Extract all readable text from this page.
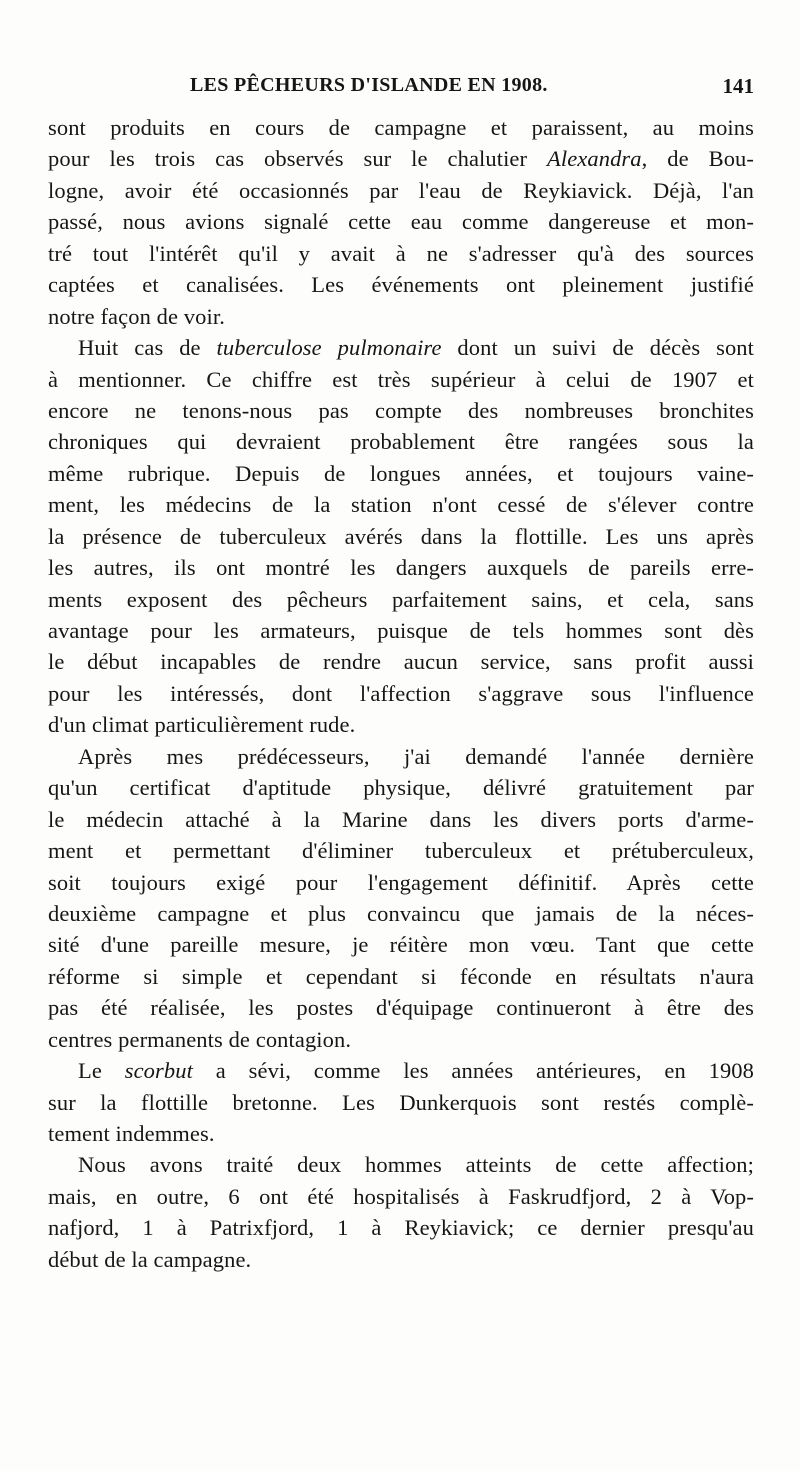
LES PÊCHEURS D'ISLANDE EN 1908.	141
sont produits en cours de campagne et paraissent, au moins
pour les trois cas observés sur le chalutier Alexandra, de Bou-
logne, avoir été occasionnés par l'eau de Reykiavick. Déjà, l'an
passé, nous avions signalé cette eau comme dangereuse et mon-
tré tout l'intérêt qu'il y avait à ne s'adresser qu'à des sources
captées et canalisées. Les événements ont pleinement justifié
notre façon de voir.
Huit cas de tuberculose pulmonaire dont un suivi de décès sont
à mentionner. Ce chiffre est très supérieur à celui de 1907 et
encore ne tenons-nous pas compte des nombreuses bronchites
chroniques qui devraient probablement être rangées sous la
même rubrique. Depuis de longues années, et toujours vaine-
ment, les médecins de la station n'ont cessé de s'élever contre
la présence de tuberculeux avérés dans la flottille. Les uns après
les autres, ils ont montré les dangers auxquels de pareils erre-
ments exposent des pêcheurs parfaitement sains, et cela, sans
avantage pour les armateurs, puisque de tels hommes sont dès
le début incapables de rendre aucun service, sans profit aussi
pour les intéressés, dont l'affection s'aggrave sous l'influence
d'un climat particulièrement rude.
Après mes prédécesseurs, j'ai demandé l'année dernière
qu'un certificat d'aptitude physique, délivré gratuitement par
le médecin attaché à la Marine dans les divers ports d'arme-
ment et permettant d'éliminer tuberculeux et prétuberculeux,
soit toujours exigé pour l'engagement définitif. Après cette
deuxième campagne et plus convaincu que jamais de la néces-
sité d'une pareille mesure, je réitère mon vœu. Tant que cette
réforme si simple et cependant si féconde en résultats n'aura
pas été réalisée, les postes d'équipage continueront à être des
centres permanents de contagion.
Le scorbut a sévi, comme les années antérieures, en 1908
sur la flottille bretonne. Les Dunkerquois sont restés complè-
tement indemmes.
Nous avons traité deux hommes atteints de cette affection;
mais, en outre, 6 ont été hospitalisés à Faskrudfjord, 2 à Vop-
nafjord, 1 à Patrixfjord, 1 à Reykiavick; ce dernier presqu'au
début de la campagne.
